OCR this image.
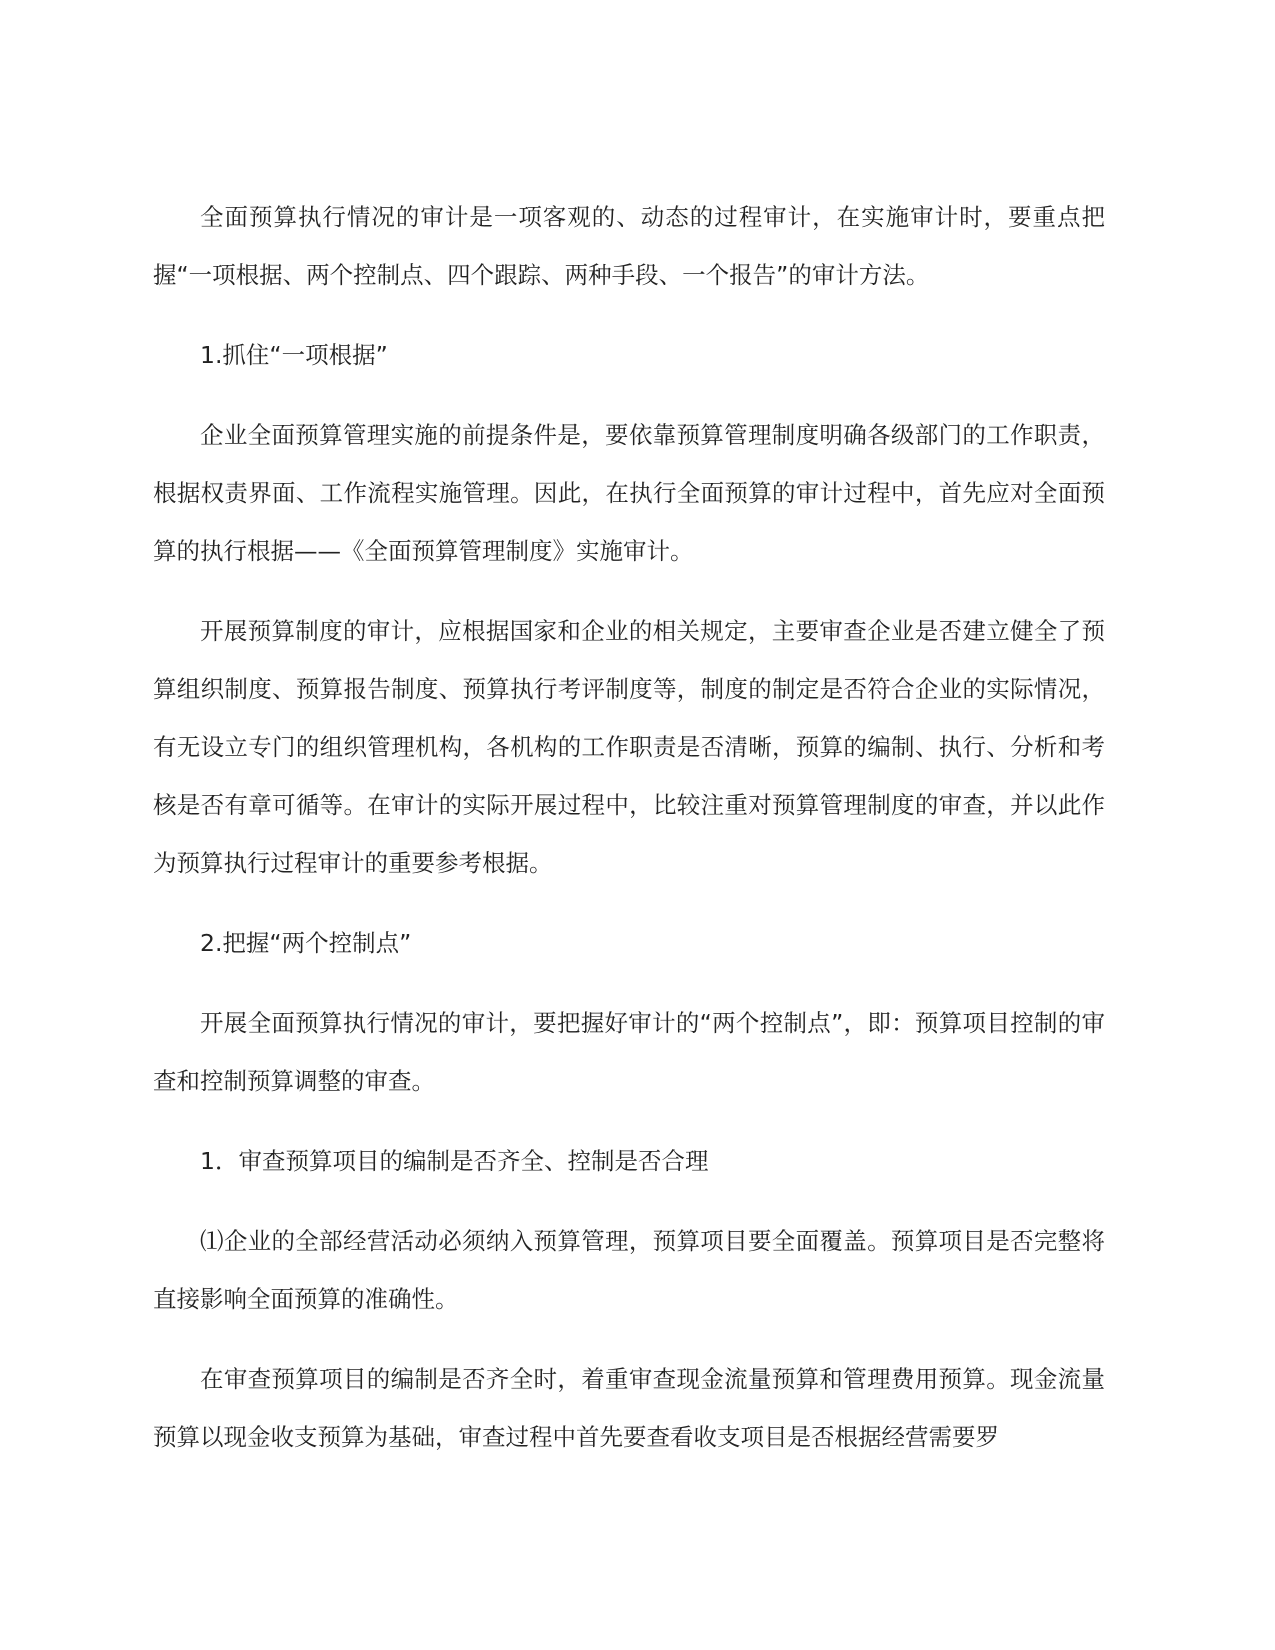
全面预算执行情况的审计是一项客观的、动态的过程审计，在实施审计时，要重点把握“一项根据、两个控制点、四个跟踪、两种手段、一个报告”的审计方法。

1.抓住“一项根据”

企业全面预算管理实施的前提条件是，要依靠预算管理制度明确各级部门的工作职责，根据权责界面、工作流程实施管理。因此，在执行全面预算的审计过程中，首先应对全面预算的执行根据——《全面预算管理制度》实施审计。

开展预算制度的审计，应根据国家和企业的相关规定，主要审查企业是否建立健全了预算组织制度、预算报告制度、预算执行考评制度等，制度的制定是否符合企业的实际情况，有无设立专门的组织管理机构，各机构的工作职责是否清晰，预算的编制、执行、分析和考核是否有章可循等。在审计的实际开展过程中，比较注重对预算管理制度的审查，并以此作为预算执行过程审计的重要参考根据。

2.把握“两个控制点”

开展全面预算执行情况的审计，要把握好审计的“两个控制点”，即：预算项目控制的审查和控制预算调整的审查。

1．审查预算项目的编制是否齐全、控制是否合理

⑴企业的全部经营活动必须纳入预算管理，预算项目要全面覆盖。预算项目是否完整将直接影响全面预算的准确性。

在审查预算项目的编制是否齐全时，着重审查现金流量预算和管理费用预算。现金流量预算以现金收支预算为基础，审查过程中首先要查看收支项目是否根据经营需要罗
